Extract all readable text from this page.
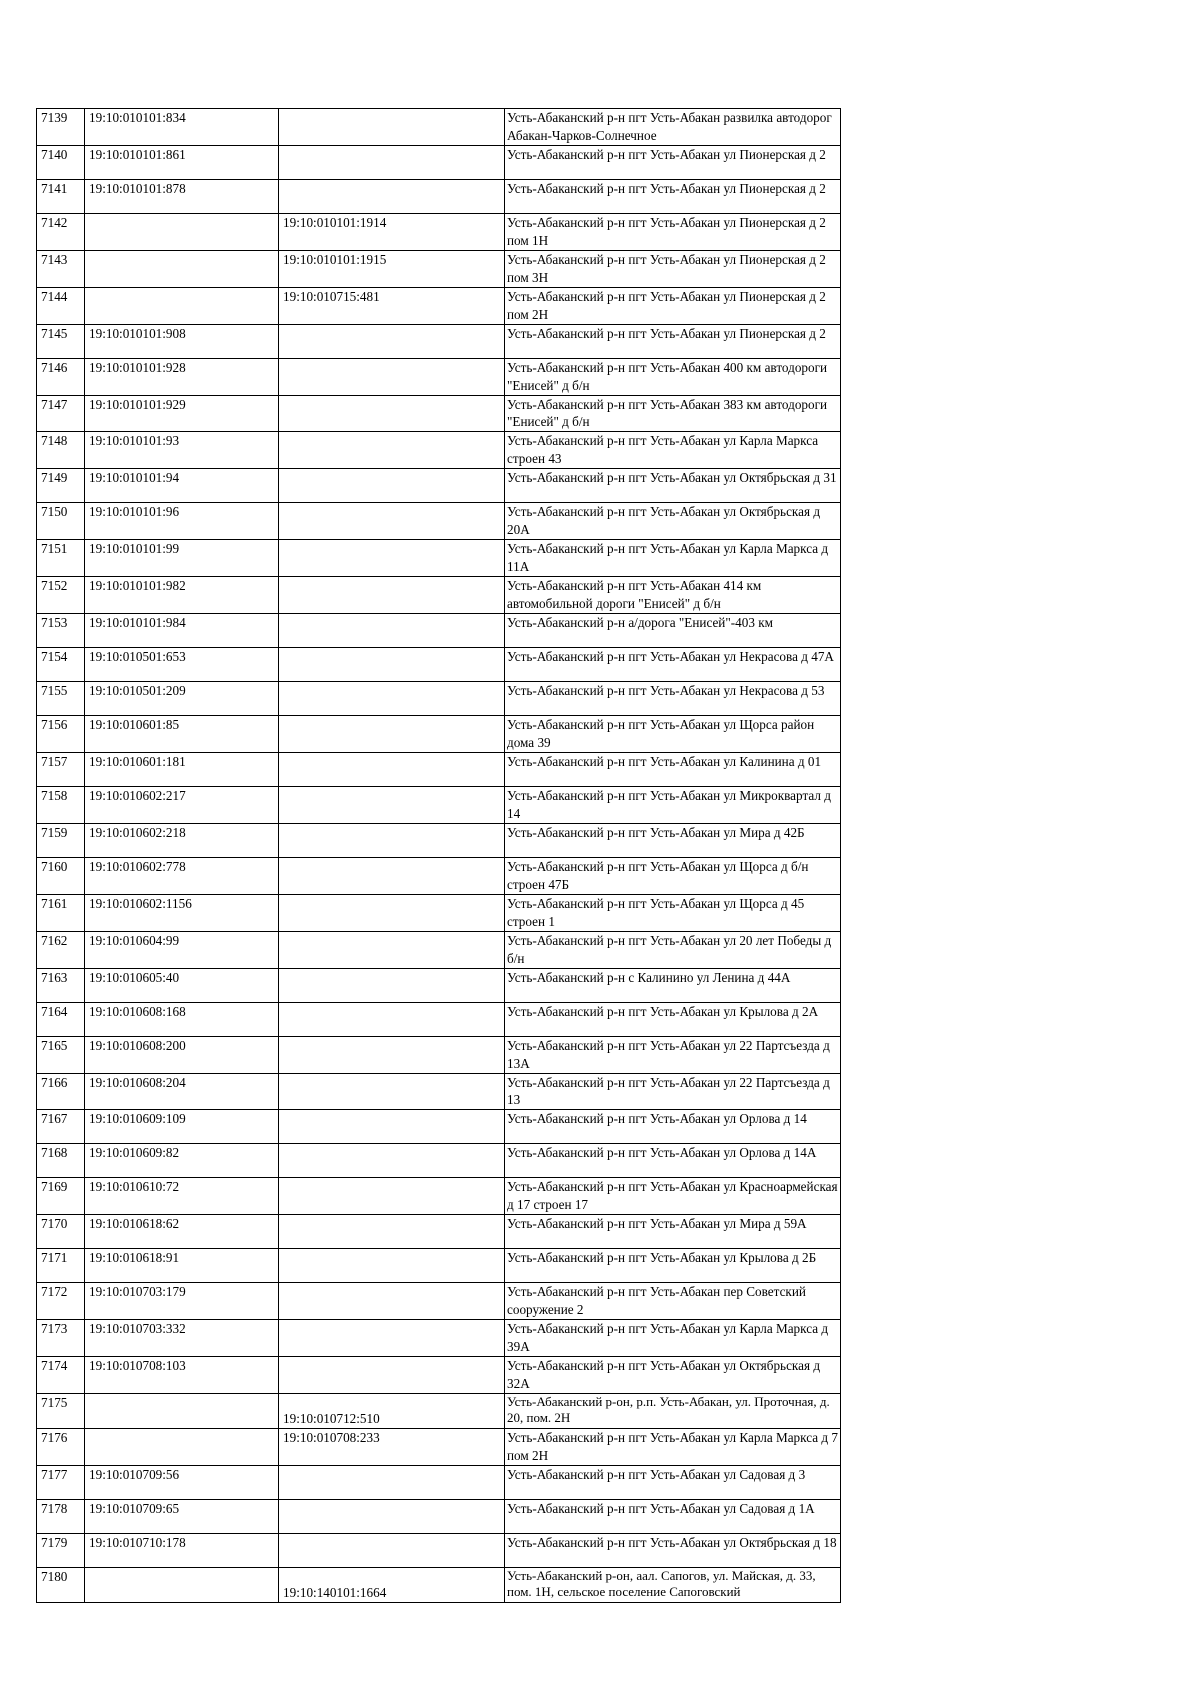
7139	19:10:010101:834		Усть-Абаканский р-н пгт Усть-Абакан развилка автодорог Абакан-Чарков-Солнечное

7140	19:10:010101:861		Усть-Абаканский р-н пгт Усть-Абакан ул Пионерская д 2

7141	19:10:010101:878		Усть-Абаканский р-н пгт Усть-Абакан ул Пионерская д 2

7142		19:10:010101:1914	Усть-Абаканский р-н пгт Усть-Абакан ул Пионерская д 2 пом 1Н

7143		19:10:010101:1915	Усть-Абаканский р-н пгт Усть-Абакан ул Пионерская д 2 пом 3Н

7144		19:10:010715:481	Усть-Абаканский р-н пгт Усть-Абакан ул Пионерская д 2 пом 2Н

7145	19:10:010101:908		Усть-Абаканский р-н пгт Усть-Абакан ул Пионерская д 2

7146	19:10:010101:928		Усть-Абаканский р-н пгт Усть-Абакан 400 км автодороги "Енисей" д б/н

7147	19:10:010101:929		Усть-Абаканский р-н пгт Усть-Абакан 383 км автодороги "Енисей" д б/н

7148	19:10:010101:93		Усть-Абаканский р-н пгт Усть-Абакан ул Карла Маркса строен 43

7149	19:10:010101:94		Усть-Абаканский р-н пгт Усть-Абакан ул Октябрьская д 31

7150	19:10:010101:96		Усть-Абаканский р-н пгт Усть-Абакан ул Октябрьская д 20А

7151	19:10:010101:99		Усть-Абаканский р-н пгт Усть-Абакан ул Карла Маркса д 11А

7152	19:10:010101:982		Усть-Абаканский р-н пгт Усть-Абакан 414 км автомобильной дороги "Енисей" д б/н

7153	19:10:010101:984		Усть-Абаканский р-н а/дорога "Енисей"-403 км

7154	19:10:010501:653		Усть-Абаканский р-н пгт Усть-Абакан ул Некрасова д 47А

7155	19:10:010501:209		Усть-Абаканский р-н пгт Усть-Абакан ул Некрасова д 53

7156	19:10:010601:85		Усть-Абаканский р-н пгт Усть-Абакан ул Щорса район дома 39

7157	19:10:010601:181		Усть-Абаканский р-н пгт Усть-Абакан ул Калинина д 01

7158	19:10:010602:217		Усть-Абаканский р-н пгт Усть-Абакан ул Микроквартал д 14

7159	19:10:010602:218		Усть-Абаканский р-н пгт Усть-Абакан ул Мира д 42Б

7160	19:10:010602:778		Усть-Абаканский р-н пгт Усть-Абакан ул Щорса д б/н строен 47Б

7161	19:10:010602:1156		Усть-Абаканский р-н пгт Усть-Абакан ул Щорса д 45 строен 1

7162	19:10:010604:99		Усть-Абаканский р-н пгт Усть-Абакан ул 20 лет Победы д б/н

7163	19:10:010605:40		Усть-Абаканский р-н с Калинино ул Ленина д 44А

7164	19:10:010608:168		Усть-Абаканский р-н пгт Усть-Абакан ул Крылова д 2А

7165	19:10:010608:200		Усть-Абаканский р-н пгт Усть-Абакан ул 22 Партсъезда д 13А

7166	19:10:010608:204		Усть-Абаканский р-н пгт Усть-Абакан ул 22 Партсъезда д 13

7167	19:10:010609:109		Усть-Абаканский р-н пгт Усть-Абакан ул Орлова д 14

7168	19:10:010609:82		Усть-Абаканский р-н пгт Усть-Абакан ул Орлова д 14А

7169	19:10:010610:72		Усть-Абаканский р-н пгт Усть-Абакан ул Красноармейская д 17 строен 17

7170	19:10:010618:62		Усть-Абаканский р-н пгт Усть-Абакан ул Мира д 59А

7171	19:10:010618:91		Усть-Абаканский р-н пгт Усть-Абакан ул Крылова д 2Б

7172	19:10:010703:179		Усть-Абаканский р-н пгт Усть-Абакан пер Советский сооружение 2

7173	19:10:010703:332		Усть-Абаканский р-н пгт Усть-Абакан ул Карла Маркса д 39А

7174	19:10:010708:103		Усть-Абаканский р-н пгт Усть-Абакан ул Октябрьская д 32А

7175		19:10:010712:510	Усть-Абаканский р-он, р.п. Усть-Абакан, ул. Проточная, д. 20, пом. 2Н

7176		19:10:010708:233	Усть-Абаканский р-н пгт Усть-Абакан ул Карла Маркса д 7 пом 2Н

7177	19:10:010709:56		Усть-Абаканский р-н пгт Усть-Абакан ул Садовая д 3

7178	19:10:010709:65		Усть-Абаканский р-н пгт Усть-Абакан ул Садовая д 1А

7179	19:10:010710:178		Усть-Абаканский р-н пгт Усть-Абакан ул Октябрьская д 18

7180		19:10:140101:1664	Усть-Абаканский р-он, аал. Сапогов, ул. Майская, д. 33, пом. 1Н, сельское поселение Сапоговский
